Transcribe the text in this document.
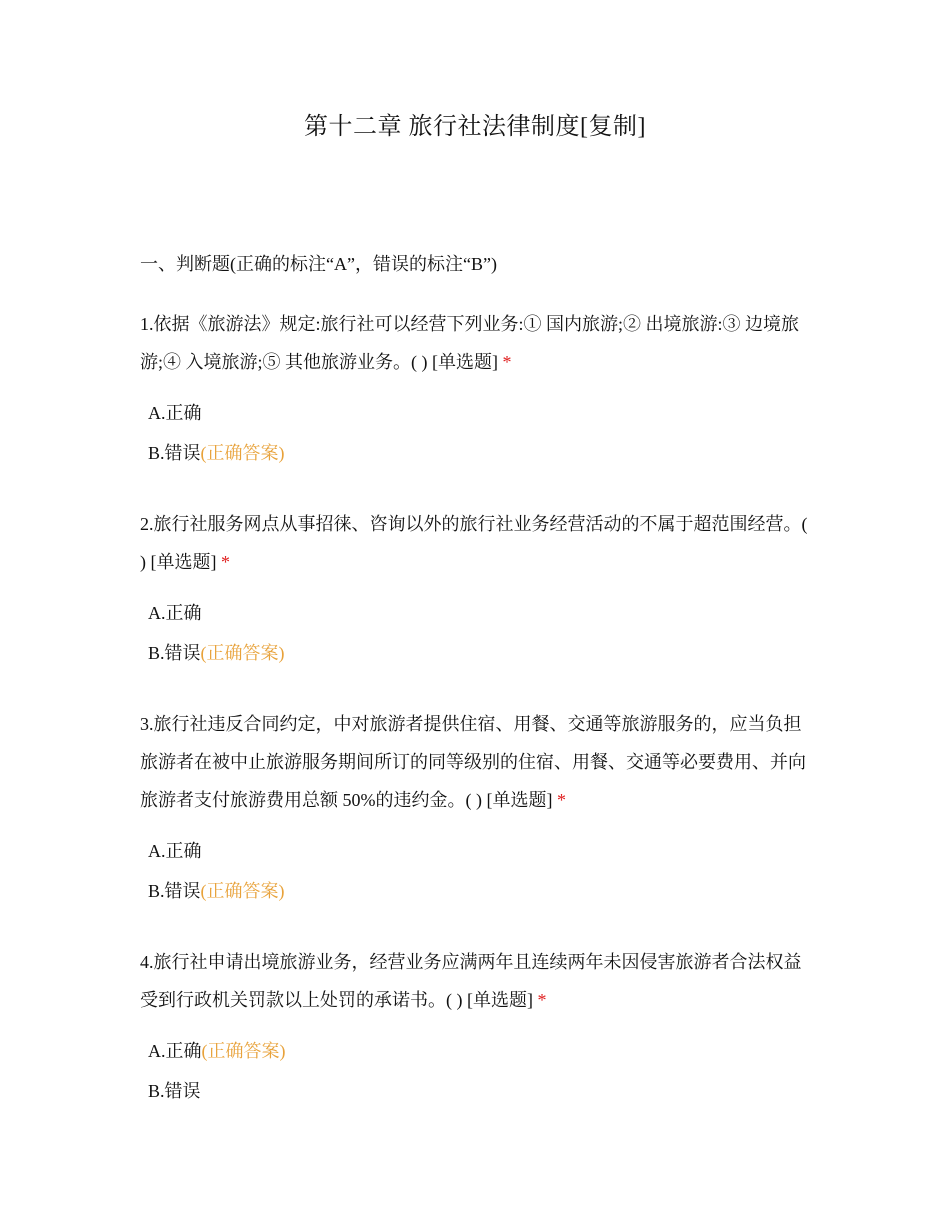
第十二章 旅行社法律制度[复制]
一、判断题(正确的标注“A”，错误的标注“B”)
1.依据《旅游法》规定:旅行社可以经营下列业务:① 国内旅游;② 出境旅游:③ 边境旅游;④ 入境旅游;⑤ 其他旅游业务。( ) [单选题] *
A.正确
B.错误(正确答案)
2.旅行社服务网点从事招徕、咨询以外的旅行社业务经营活动的不属于超范围经营。( ) [单选题] *
A.正确
B.错误(正确答案)
3.旅行社违反合同约定，中对旅游者提供住宿、用餐、交通等旅游服务的，应当负担旅游者在被中止旅游服务期间所订的同等级别的住宿、用餐、交通等必要费用、并向旅游者支付旅游费用总额 50%的违约金。( ) [单选题] *
A.正确
B.错误(正确答案)
4.旅行社申请出境旅游业务，经营业务应满两年且连续两年未因侵害旅游者合法权益受到行政机关罚款以上处罚的承诺书。( ) [单选题] *
A.正确(正确答案)
B.错误
